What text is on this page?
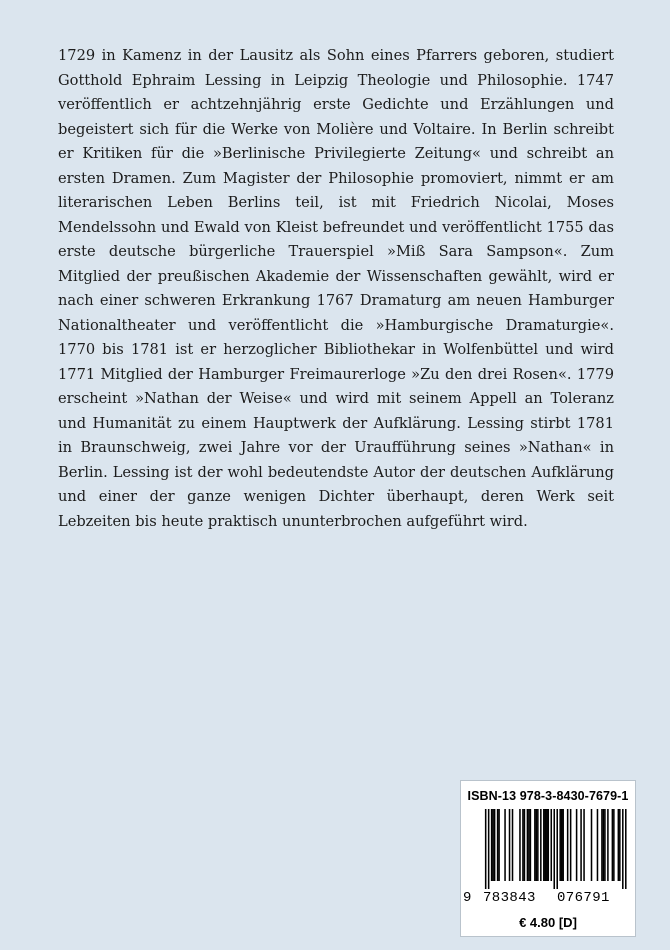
1729 in Kamenz in der Lausitz als Sohn eines Pfarrers geboren, studiert Gotthold Ephraim Lessing in Leipzig Theologie und Philosophie. 1747 veröffentlich er achtzehnjährig erste Gedichte und Erzählungen und begeistert sich für die Werke von Molière und Voltaire. In Berlin schreibt er Kritiken für die »Berlinische Privilegierte Zeitung« und schreibt an ersten Dramen. Zum Magister der Philosophie promoviert, nimmt er am literarischen Leben Berlins teil, ist mit Friedrich Nicolai, Moses Mendelssohn und Ewald von Kleist befreundet und veröffentlicht 1755 das erste deutsche bürgerliche Trauerspiel »Miß Sara Sampson«. Zum Mitglied der preußischen Akademie der Wissenschaften gewählt, wird er nach einer schweren Erkrankung 1767 Dramaturg am neuen Hamburger Nationaltheater und veröffentlicht die »Hamburgische Dramaturgie«. 1770 bis 1781 ist er herzoglicher Bibliothekar in Wolfenbüttel und wird 1771 Mitglied der Hamburger Freimaurerloge »Zu den drei Rosen«. 1779 erscheint »Nathan der Weise« und wird mit seinem Appell an Toleranz und Humanität zu einem Hauptwerk der Aufklärung. Lessing stirbt 1781 in Braunschweig, zwei Jahre vor der Uraufführung seines »Nathan« in Berlin. Lessing ist der wohl bedeutendste Autor der deutschen Aufklärung und einer der ganze wenigen Dichter überhaupt, deren Werk seit Lebzeiten bis heute praktisch ununterbrochen aufgeführt wird.

ISBN-13 978-3-8430-7679-1
9 783843 076791
€ 4.80 [D]
